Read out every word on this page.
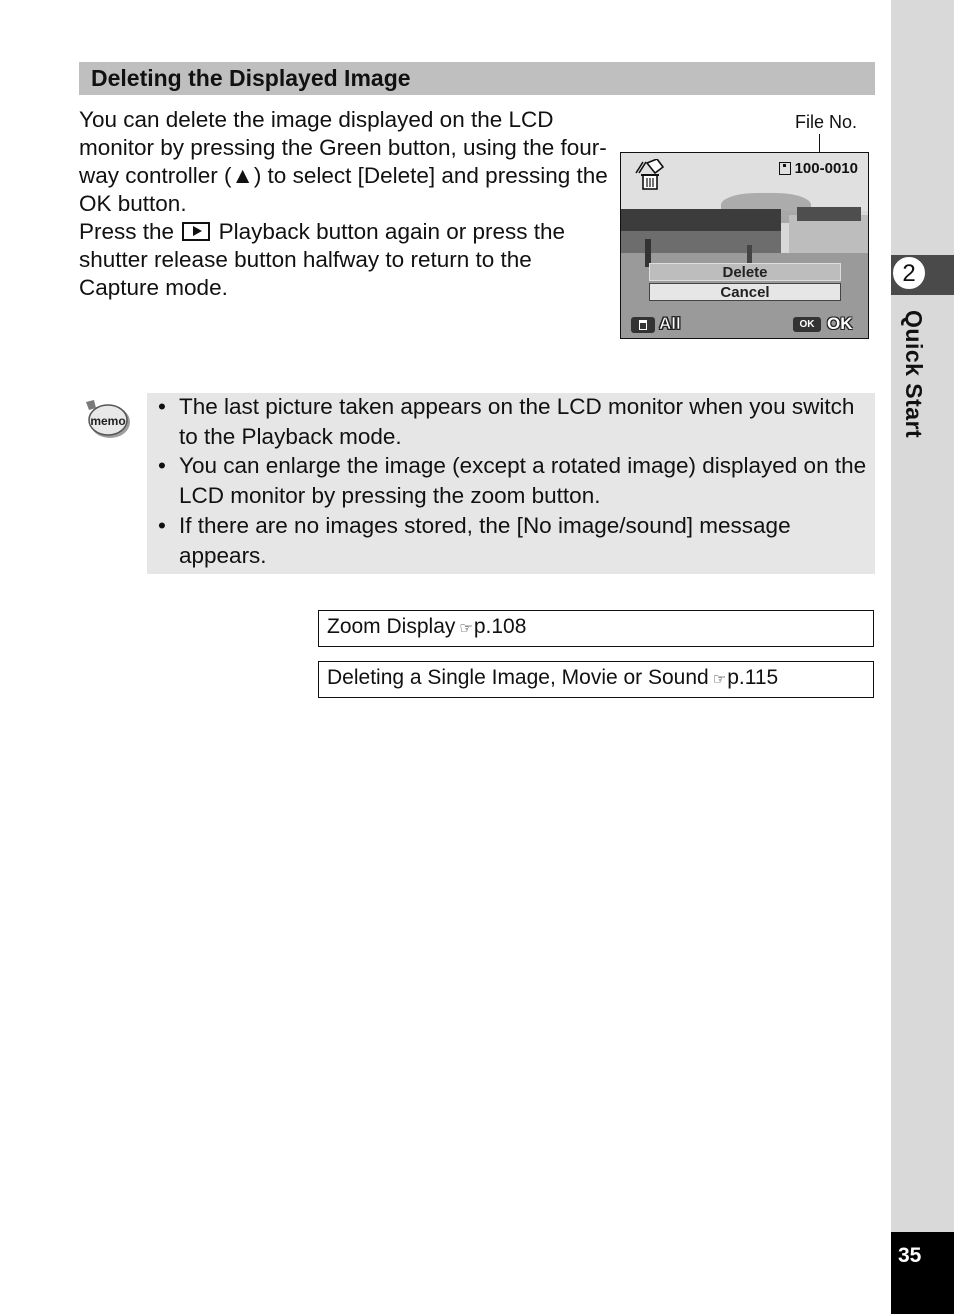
2
Quick Start
35
Deleting the Displayed Image

You can delete the image displayed on the LCD monitor by pressing the Green button, using the four-way controller (▲) to select [Delete] and pressing the OK button.

Press the Playback button again or press the shutter release button halfway to return to the Capture mode.

File No.
100-0010
Delete
Cancel
All	OK OK
memo
• The last picture taken appears on the LCD monitor when you switch to the Playback mode.
• You can enlarge the image (except a rotated image) displayed on the LCD monitor by pressing the zoom button.
• If there are no images stored, the [No image/sound] message appears.
Zoom Display ☞p.108
Deleting a Single Image, Movie or Sound ☞p.115
